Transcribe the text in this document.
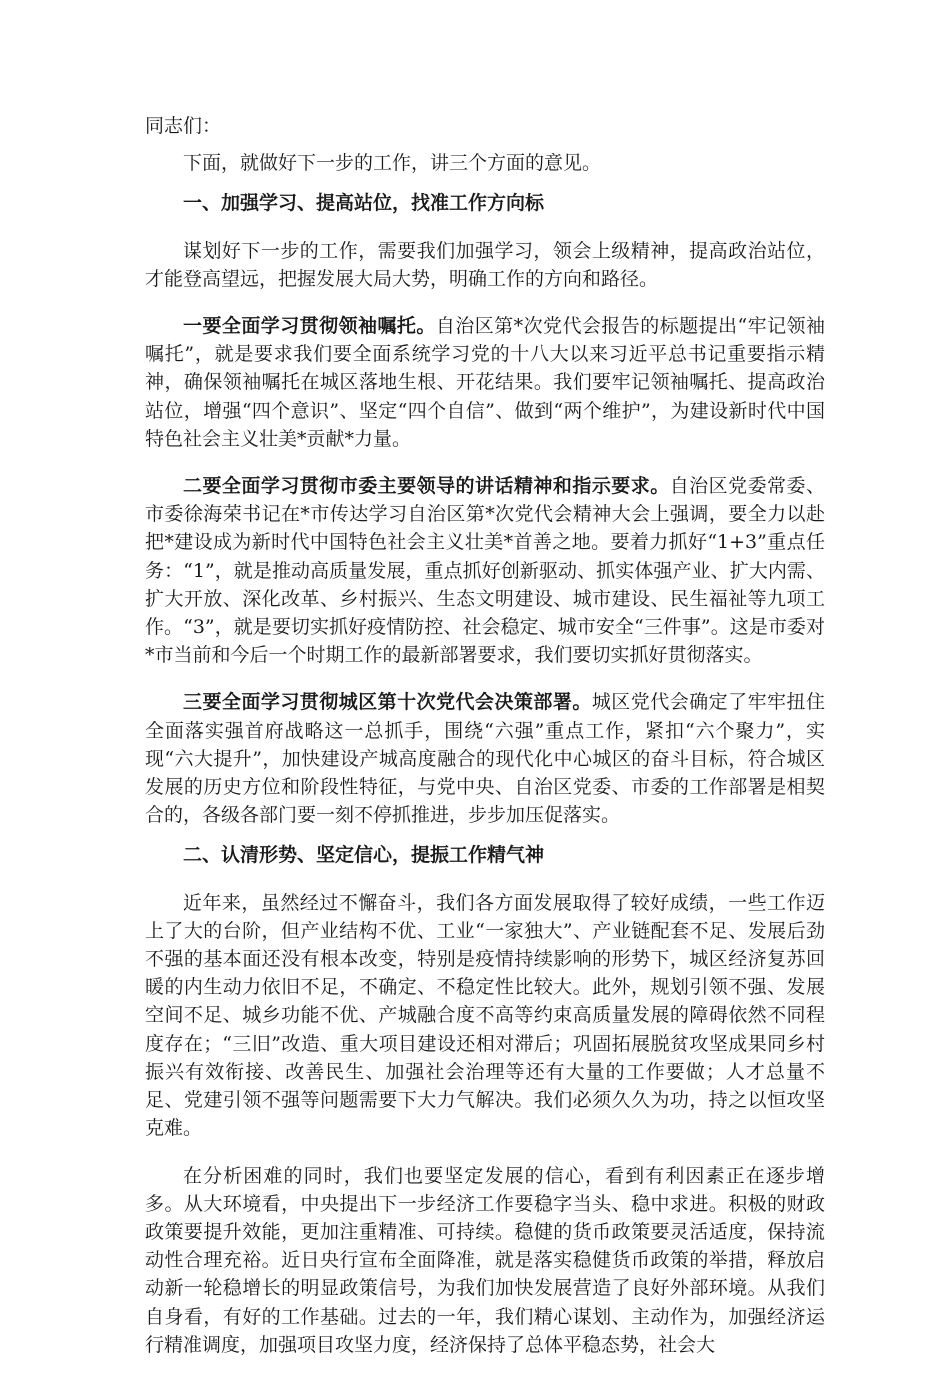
同志们：

下面，就做好下一步的工作，讲三个方面的意见。

一、加强学习、提高站位，找准工作方向标

谋划好下一步的工作，需要我们加强学习，领会上级精神，提高政治站位，才能登高望远，把握发展大局大势，明确工作的方向和路径。

一要全面学习贯彻领袖嘱托。自治区第*次党代会报告的标题提出“牢记领袖嘱托”，就是要求我们要全面系统学习党的十八大以来习近平总书记重要指示精神，确保领袖嘱托在城区落地生根、开花结果。我们要牢记领袖嘱托、提高政治站位，增强“四个意识”、坚定“四个自信”、做到“两个维护”，为建设新时代中国特色社会主义壮美*贡献*力量。

二要全面学习贯彻市委主要领导的讲话精神和指示要求。自治区党委常委、市委徐海荣书记在*市传达学习自治区第*次党代会精神大会上强调，要全力以赴把*建设成为新时代中国特色社会主义壮美*首善之地。要着力抓好“1+3”重点任务：“1”，就是推动高质量发展，重点抓好创新驱动、抓实体强产业、扩大内需、扩大开放、深化改革、乡村振兴、生态文明建设、城市建设、民生福祉等九项工作。“3”，就是要切实抓好疫情防控、社会稳定、城市安全“三件事”。这是市委对*市当前和今后一个时期工作的最新部署要求，我们要切实抓好贯彻落实。

三要全面学习贯彻城区第十次党代会决策部署。城区党代会确定了牢牢扭住全面落实强首府战略这一总抓手，围绕“六强”重点工作，紧扣“六个聚力”，实现“六大提升”，加快建设产城高度融合的现代化中心城区的奋斗目标，符合城区发展的历史方位和阶段性特征，与党中央、自治区党委、市委的工作部署是相契合的，各级各部门要一刻不停抓推进，步步加压促落实。

二、认清形势、坚定信心，提振工作精气神

近年来，虽然经过不懈奋斗，我们各方面发展取得了较好成绩，一些工作迈上了大的台阶，但产业结构不优、工业“一家独大”、产业链配套不足、发展后劲不强的基本面还没有根本改变，特别是疫情持续影响的形势下，城区经济复苏回暖的内生动力依旧不足，不确定、不稳定性比较大。此外，规划引领不强、发展空间不足、城乡功能不优、产城融合度不高等约束高质量发展的障碍依然不同程度存在；“三旧”改造、重大项目建设还相对滞后；巩固拓展脱贫攻坚成果同乡村振兴有效衔接、改善民生、加强社会治理等还有大量的工作要做；人才总量不足、党建引领不强等问题需要下大力气解决。我们必须久久为功，持之以恒攻坚克难。

在分析困难的同时，我们也要坚定发展的信心，看到有利因素正在逐步增多。从大环境看，中央提出下一步经济工作要稳字当头、稳中求进。积极的财政政策要提升效能，更加注重精准、可持续。稳健的货币政策要灵活适度，保持流动性合理充裕。近日央行宣布全面降准，就是落实稳健货币政策的举措，释放启动新一轮稳增长的明显政策信号，为我们加快发展营造了良好外部环境。从我们自身看，有好的工作基础。过去的一年，我们精心谋划、主动作为，加强经济运行精准调度，加强项目攻坚力度，经济保持了总体平稳态势，社会大
